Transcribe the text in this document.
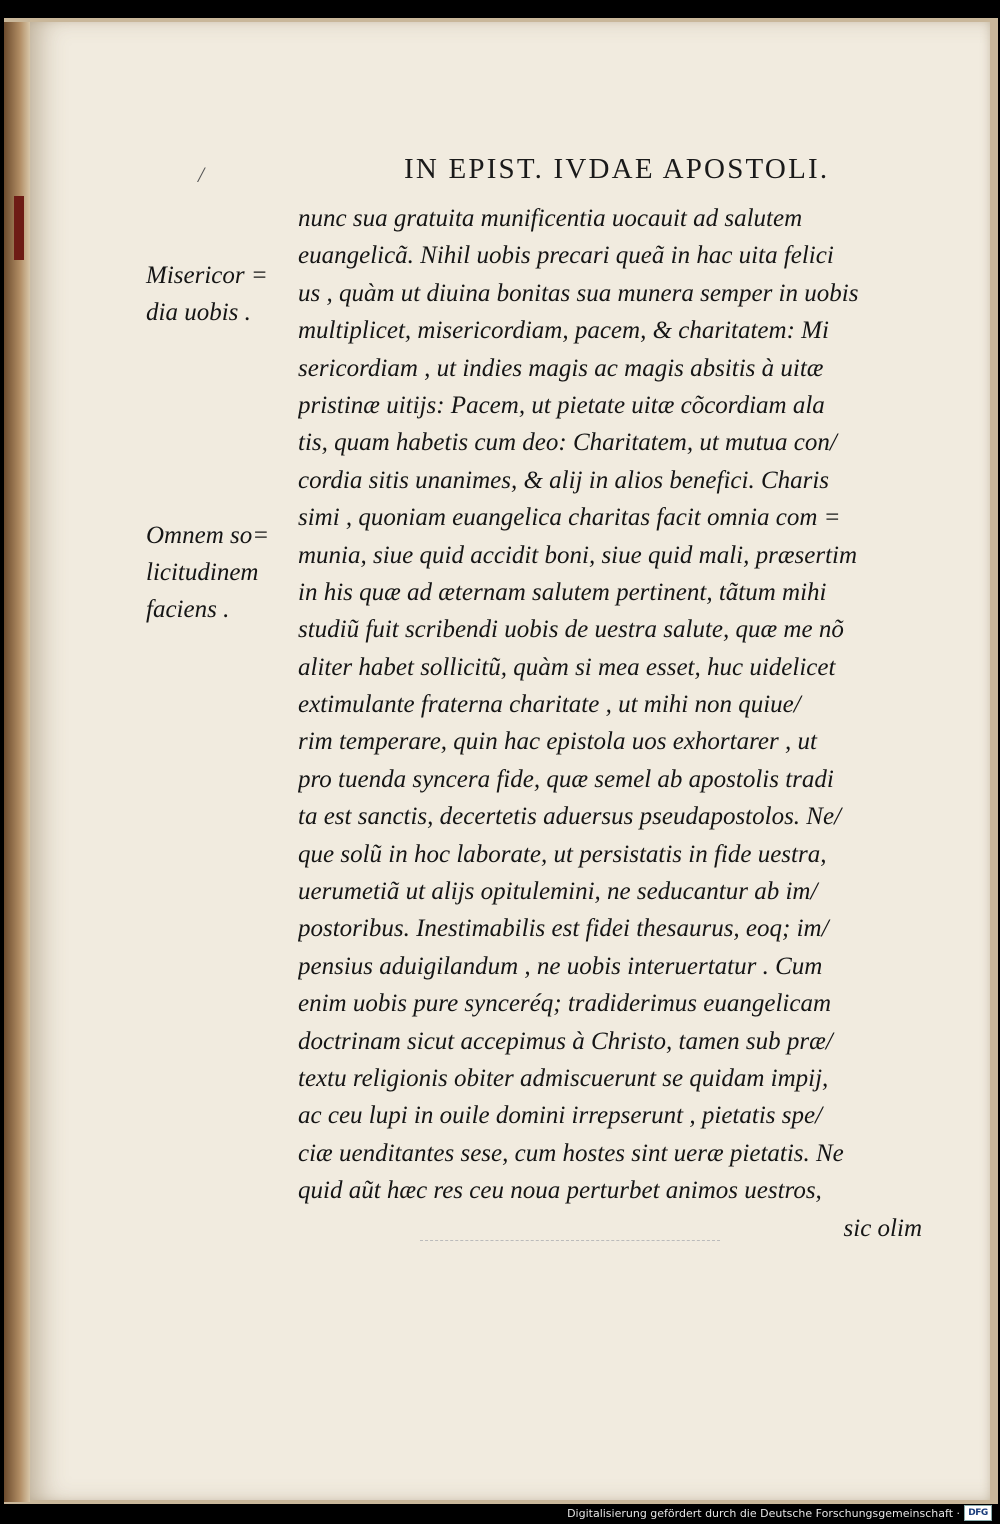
/	IN EPIST. IVDAE APOSTOLI.
Misericor =
dia uobis .
Omnem so=
licitudinem
faciens .
nunc sua gratuita munificentia uocauit ad salutem
euangelicã. Nihil uobis precari queã in hac uita felici
us , quàm ut diuina bonitas sua munera semper in uobis
multiplicet, misericordiam, pacem, & charitatem: Mi
sericordiam , ut indies magis ac magis absitis à uitæ
pristinæ uitijs: Pacem, ut pietate uitæ cõcordiam ala
tis, quam habetis cum deo: Charitatem, ut mutua con/
cordia sitis unanimes, & alij in alios benefici. Charis
simi , quoniam euangelica charitas facit omnia com =
munia, siue quid accidit boni, siue quid mali, præsertim
in his quæ ad æternam salutem pertinent, tãtum mihi
studiũ fuit scribendi uobis de uestra salute, quæ me nõ
aliter habet sollicitũ, quàm si mea esset, huc uidelicet
extimulante fraterna charitate , ut mihi non quiue/
rim temperare, quin hac epistola uos exhortarer , ut
pro tuenda syncera fide, quæ semel ab apostolis tradi
ta est sanctis, decertetis aduersus pseudapostolos. Ne/
que solũ in hoc laborate, ut persistatis in fide uestra,
uerumetiã ut alijs opitulemini, ne seducantur ab im/
postoribus. Inestimabilis est fidei thesaurus, eoq; im/
pensius aduigilandum , ne uobis interuertatur . Cum
enim uobis pure synceréq; tradiderimus euangelicam
doctrinam sicut accepimus à Christo, tamen sub præ/
textu religionis obiter admiscuerunt se quidam impij,
ac ceu lupi in ouile domini irrepserunt , pietatis spe/
ciæ uenditantes sese, cum hostes sint ueræ pietatis. Ne
quid aũt hæc res ceu noua perturbet animos uestros,
sic olim
Digitalisierung gefördert durch die Deutsche Forschungsgemeinschaft · DFG
